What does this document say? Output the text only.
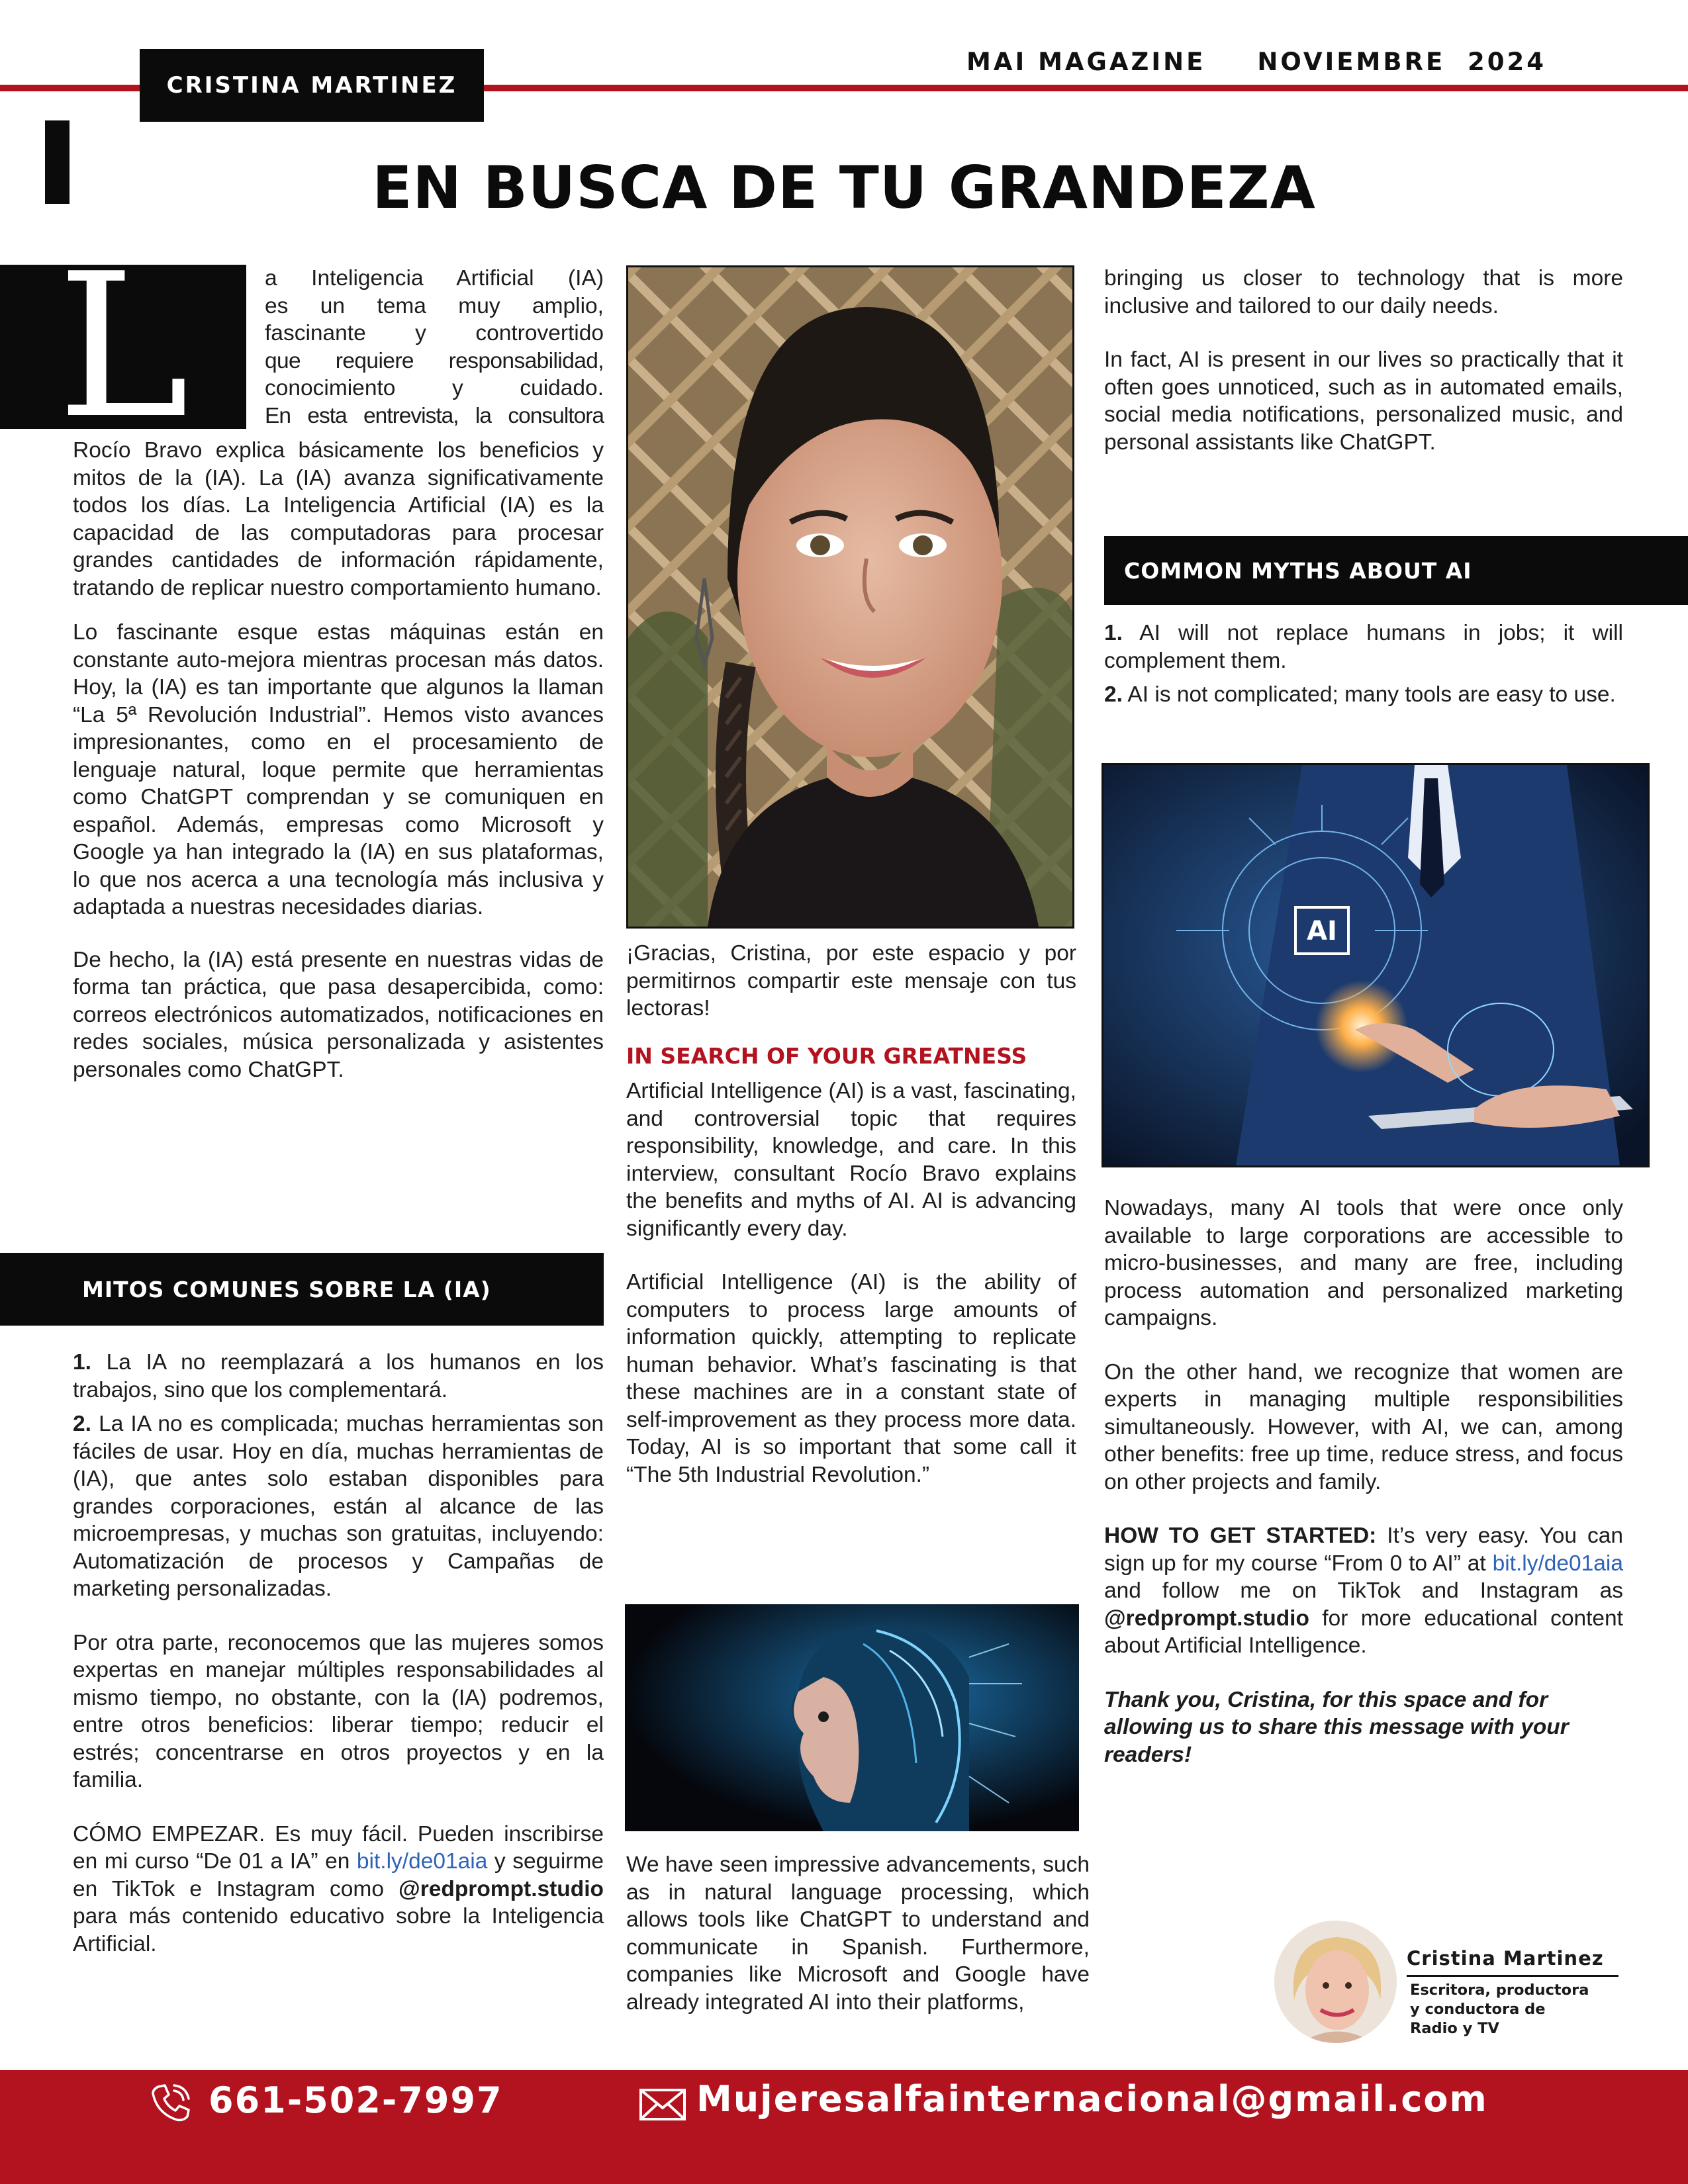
CRISTINA MARTINEZ
MAI MAGAZINE NOVIEMBRE  2024
EN BUSCA DE TU GRANDEZA
L	a Inteligencia Artificial (IA)
es un tema muy amplio,
fascinante y controvertido
que requiere responsabilidad,
conocimiento y cuidado.
En esta entrevista, la consultora

Rocío Bravo explica básicamente los beneficios y mitos de la (IA). La (IA) avanza significativamente todos los días. La Inteligencia Artificial (IA) es la capacidad de las computadoras para procesar grandes cantidades de información rápidamente, tratando de replicar nuestro comportamiento humano.

Lo fascinante esque estas máquinas están en constante auto-mejora mientras procesan más datos. Hoy, la (IA) es tan importante que algunos la llaman “La 5ª Revolución Industrial”. Hemos visto avances impresionantes, como en el procesamiento de lenguaje natural, loque permite que herramientas como ChatGPT comprendan y se comuniquen en español. Además, empresas como Microsoft y Google ya han integrado la (IA) en sus plataformas, lo que nos acerca a una tecnología más inclusiva y adaptada a nuestras necesidades diarias.

De hecho, la (IA) está presente en nuestras vidas de forma tan práctica, que pasa desapercibida, como: correos electrónicos automatizados, notificaciones en redes sociales, música personalizada y asistentes personales como ChatGPT.

MITOS COMUNES SOBRE LA (IA)

1. La IA no reemplazará a los humanos en los trabajos, sino que los complementará.

2. La IA no es complicada; muchas herramientas son fáciles de usar. Hoy en día, muchas herramientas de (IA), que antes solo estaban disponibles para grandes corporaciones, están al alcance de las microempresas, y muchas son gratuitas, incluyendo: Automatización de procesos y Campañas de marketing personalizadas.

Por otra parte, reconocemos que las mujeres somos expertas en manejar múltiples responsabilidades al mismo tiempo, no obstante, con la (IA) podremos, entre otros beneficios: liberar tiempo; reducir el estrés; concentrarse en otros proyectos y en la familia.

CÓMO EMPEZAR. Es muy fácil. Pueden inscribirse en mi curso “De 01 a IA” en bit.ly/de01aia y seguirme en TikTok e Instagram como @redprompt.studio para más contenido educativo sobre la Inteligencia Artificial.

¡Gracias, Cristina, por este espacio y por permitirnos compartir este mensaje con tus lectoras!

IN SEARCH OF YOUR GREATNESS

Artificial Intelligence (AI) is a vast, fascinating, and controversial topic that requires responsibility, knowledge, and care. In this interview, consultant Rocío Bravo explains the benefits and myths of AI. AI is advancing significantly every day.

Artificial Intelligence (AI) is the ability of computers to process large amounts of information quickly, attempting to replicate human behavior. What’s fascinating is that these machines are in a constant state of self-improvement as they process more data. Today, AI is so important that some call it “The 5th Industrial Revolution.”

We have seen impressive advancements, such as in natural language processing, which allows tools like ChatGPT to understand and communicate in Spanish. Furthermore, companies like Microsoft and Google have already integrated AI into their platforms,

bringing us closer to technology that is more inclusive and tailored to our daily needs.

In fact, AI is present in our lives so practically that it often goes unnoticed, such as in automated emails, social media notifications, personalized music, and personal assistants like ChatGPT.

COMMON MYTHS ABOUT AI

1. AI will not replace humans in jobs; it will complement them.

2. AI is not complicated; many tools are easy to use.

AI

Nowadays, many AI tools that were once only available to large corporations are accessible to micro-businesses, and many are free, including process automation and personalized marketing campaigns.

On the other hand, we recognize that women are experts in managing multiple responsibilities simultaneously. However, with AI, we can, among other benefits: free up time, reduce stress, and focus on other projects and family.

HOW TO GET STARTED: It’s very easy. You can sign up for my course “From 0 to AI” at bit.ly/de01aia and follow me on TikTok and Instagram as @redprompt.studio for more educational content about Artificial Intelligence.

Thank you, Cristina, for this space and for allowing us to share this message with your readers!

Cristina Martinez
Escritora, productora
y conductora de
Radio y TV
661-502-7997	Mujeresalfainternacional@gmail.com
